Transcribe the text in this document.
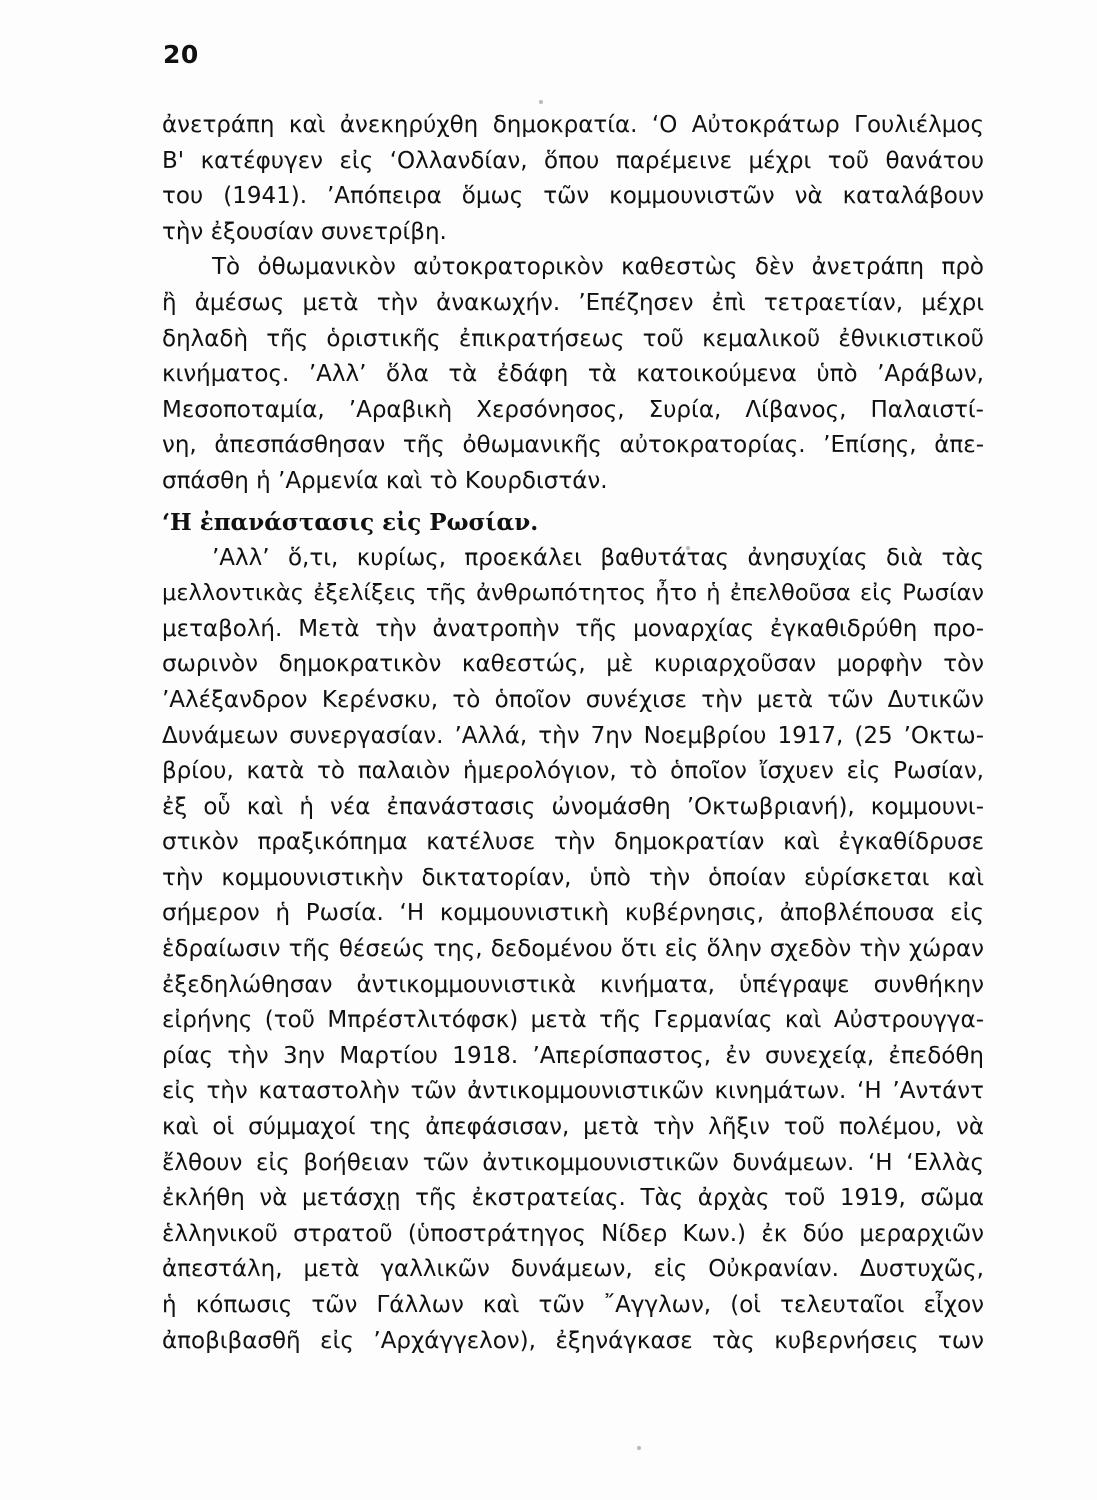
20
ἀνετράπη καὶ ἀνεκηρύχθη δημοκρατία. ‘Ο Αὐτοκράτωρ Γουλιέλμος
Β' κατέφυγεν εἰς ‘Ολλανδίαν, ὅπου παρέμεινε μέχρι τοῦ θανάτου
του (1941). ’Απόπειρα ὅμως τῶν κομμουνιστῶν νὰ καταλάβουν
τὴν ἐξουσίαν συνετρίβη.
Τὸ ὀθωμανικὸν αὐτοκρατορικὸν καθεστὼς δὲν ἀνετράπη πρὸ
ἢ ἀμέσως μετὰ τὴν ἀνακωχήν. ’Επέζησεν ἐπὶ τετραετίαν, μέχρι
δηλαδὴ τῆς ὁριστικῆς ἐπικρατήσεως τοῦ κεμαλικοῦ ἐθνικιστικοῦ
κινήματος. ’Αλλ’ ὅλα τὰ ἐδάφη τὰ κατοικούμενα ὑπὸ ’Αράβων,
Μεσοποταμία, ’Αραβικὴ Χερσόνησος, Συρία, Λίβανος, Παλαιστί-
νη, ἀπεσπάσθησαν τῆς ὀθωμανικῆς αὐτοκρατορίας. ’Επίσης, ἀπε-
σπάσθη ἡ ’Αρμενία καὶ τὸ Κουρδιστάν.
‘Η ἐπανάστασις εἰς Ρωσίαν.
’Αλλ’ ὅ,τι, κυρίως, προεκάλει βαθυτάτας ἀνησυχίας διὰ τὰς
μελλοντικὰς ἐξελίξεις τῆς ἀνθρωπότητος ἦτο ἡ ἐπελθοῦσα εἰς Ρωσίαν
μεταβολή. Μετὰ τὴν ἀνατροπὴν τῆς μοναρχίας ἐγκαθιδρύθη προ-
σωρινὸν δημοκρατικὸν καθεστώς, μὲ κυριαρχοῦσαν μορφὴν τὸν
’Αλέξανδρον Κερένσκυ, τὸ ὁποῖον συνέχισε τὴν μετὰ τῶν Δυτικῶν
Δυνάμεων συνεργασίαν. ’Αλλά, τὴν 7ην Νοεμβρίου 1917, (25 ’Οκτω-
βρίου, κατὰ τὸ παλαιὸν ἡμερολόγιον, τὸ ὁποῖον ἴσχυεν εἰς Ρωσίαν,
ἐξ οὗ καὶ ἡ νέα ἐπανάστασις ὠνομάσθη ’Οκτωβριανή), κομμουνι-
στικὸν πραξικόπημα κατέλυσε τὴν δημοκρατίαν καὶ ἐγκαθίδρυσε
τὴν κομμουνιστικὴν δικτατορίαν, ὑπὸ τὴν ὁποίαν εὑρίσκεται καὶ
σήμερον ἡ Ρωσία. ‘Η κομμουνιστικὴ κυβέρνησις, ἀποβλέπουσα εἰς
ἑδραίωσιν τῆς θέσεώς της, δεδομένου ὅτι εἰς ὅλην σχεδὸν τὴν χώραν
ἐξεδηλώθησαν ἀντικομμουνιστικὰ κινήματα, ὑπέγραψε συνθήκην
εἰρήνης (τοῦ Μπρέστλιτόφσκ) μετὰ τῆς Γερμανίας καὶ Αὐστρουγγα-
ρίας τὴν 3ην Μαρτίου 1918. ’Απερίσπαστος, ἐν συνεχείᾳ, ἐπεδόθη
εἰς τὴν καταστολὴν τῶν ἀντικομμουνιστικῶν κινημάτων. ‘Η ’Αντάντ
καὶ οἱ σύμμαχοί της ἀπεφάσισαν, μετὰ τὴν λῆξιν τοῦ πολέμου, νὰ
ἔλθουν εἰς βοήθειαν τῶν ἀντικομμουνιστικῶν δυνάμεων. ‘Η ‘Ελλὰς
ἐκλήθη νὰ μετάσχῃ τῆς ἐκστρατείας. Τὰς ἀρχὰς τοῦ 1919, σῶμα
ἑλληνικοῦ στρατοῦ (ὑποστράτηγος Νίδερ Κων.) ἐκ δύο μεραρχιῶν
ἀπεστάλη, μετὰ γαλλικῶν δυνάμεων, εἰς Οὐκρανίαν. Δυστυχῶς,
ἡ κόπωσις τῶν Γάλλων καὶ τῶν ῎Αγγλων, (οἱ τελευταῖοι εἶχον
ἀποβιβασθῆ εἰς ’Αρχάγγελον), ἐξηνάγκασε τὰς κυβερνήσεις των
